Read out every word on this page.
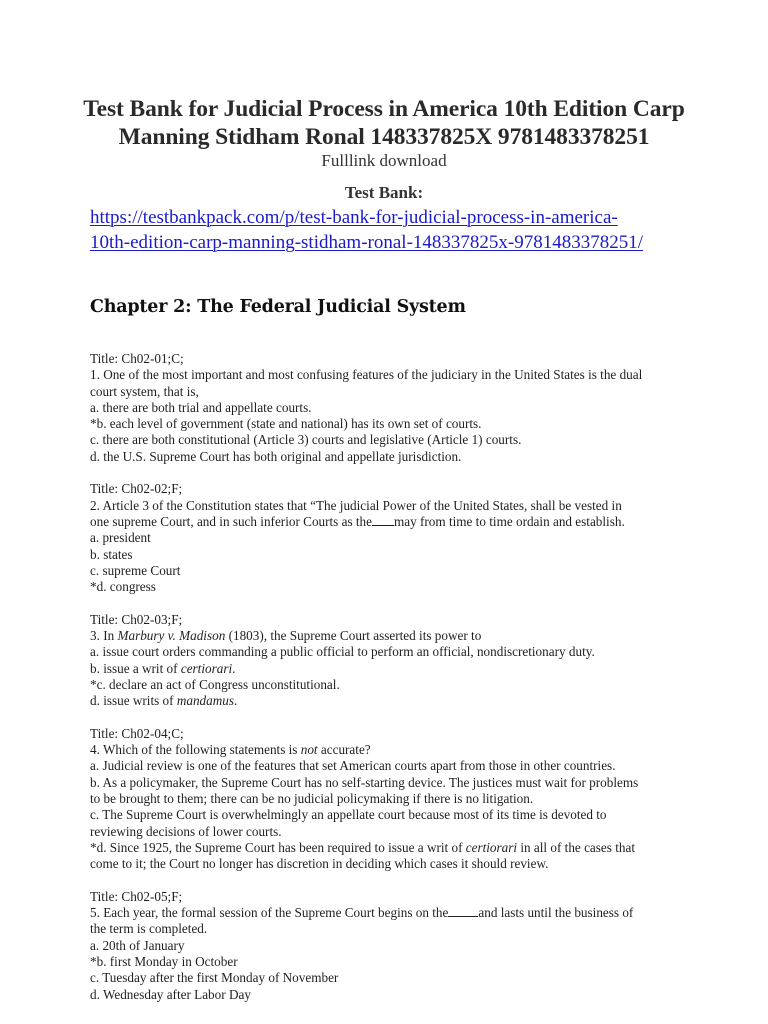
Test Bank for Judicial Process in America 10th Edition Carp
Manning Stidham Ronal 148337825X 9781483378251
Fulllink download
Test Bank:
https://testbankpack.com/p/test-bank-for-judicial-process-in-america-
10th-edition-carp-manning-stidham-ronal-148337825x-9781483378251/
Chapter 2: The Federal Judicial System
Title: Ch02-01;C;
1. One of the most important and most confusing features of the judiciary in the United States is the dual
court system, that is,
a. there are both trial and appellate courts.
*b. each level of government (state and national) has its own set of courts.
c. there are both constitutional (Article 3) courts and legislative (Article 1) courts.
d. the U.S. Supreme Court has both original and appellate jurisdiction.
Title: Ch02-02;F;
2. Article 3 of the Constitution states that “The judicial Power of the United States, shall be vested in
one supreme Court, and in such inferior Courts as the may from time to time ordain and establish.
a. president
b. states
c. supreme Court
*d. congress
Title: Ch02-03;F;
3. In Marbury v. Madison (1803), the Supreme Court asserted its power to
a. issue court orders commanding a public official to perform an official, nondiscretionary duty.
b. issue a writ of certiorari.
*c. declare an act of Congress unconstitutional.
d. issue writs of mandamus.
Title: Ch02-04;C;
4. Which of the following statements is not accurate?
a. Judicial review is one of the features that set American courts apart from those in other countries.
b. As a policymaker, the Supreme Court has no self-starting device. The justices must wait for problems
to be brought to them; there can be no judicial policymaking if there is no litigation.
c. The Supreme Court is overwhelmingly an appellate court because most of its time is devoted to
reviewing decisions of lower courts.
*d. Since 1925, the Supreme Court has been required to issue a writ of certiorari in all of the cases that
come to it; the Court no longer has discretion in deciding which cases it should review.
Title: Ch02-05;F;
5. Each year, the formal session of the Supreme Court begins on the and lasts until the business of
the term is completed.
a. 20th of January
*b. first Monday in October
c. Tuesday after the first Monday of November
d. Wednesday after Labor Day
